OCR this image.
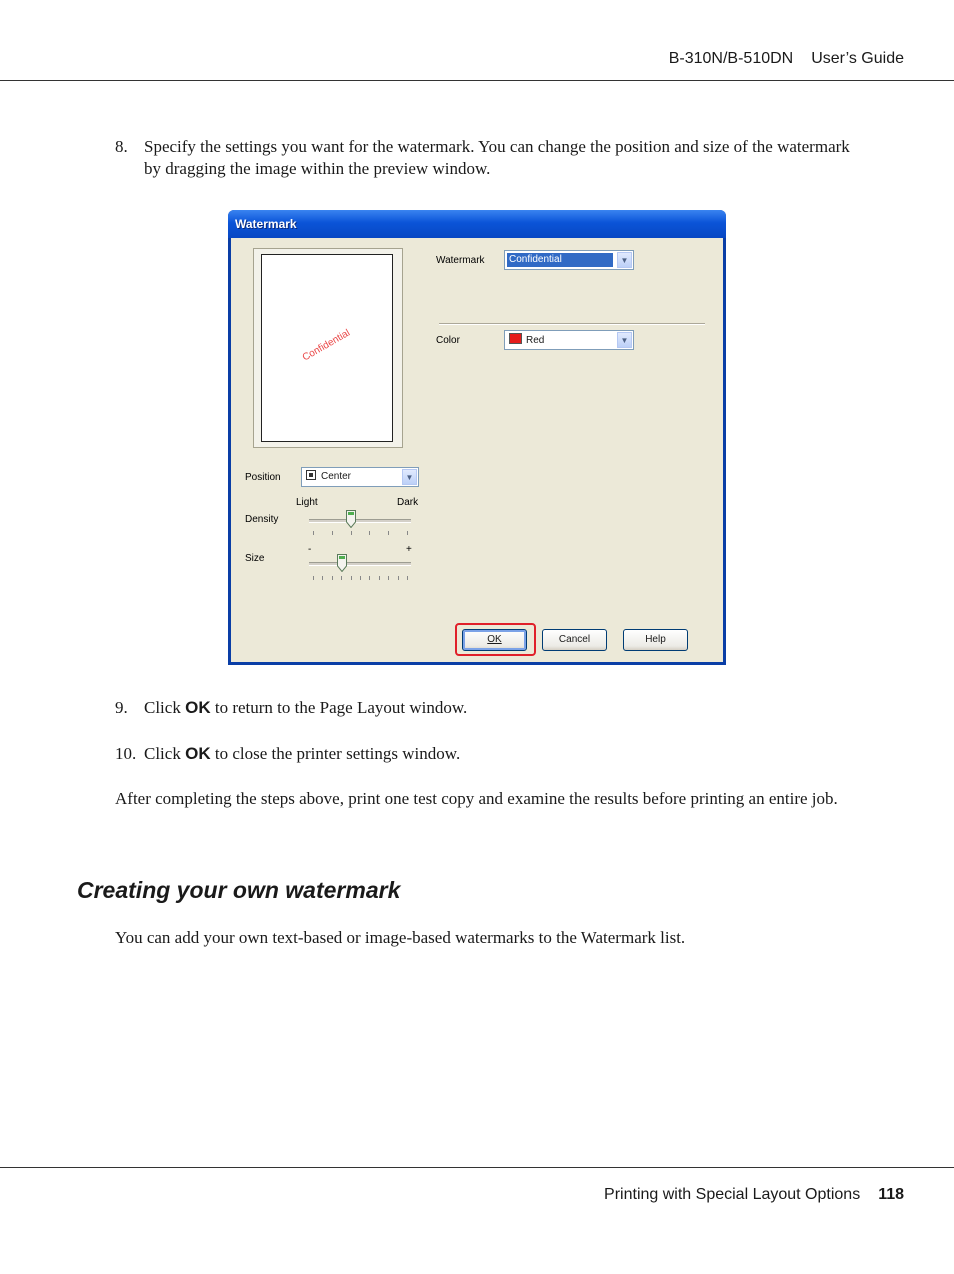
B-310N/B-510DN User’s Guide
8. Specify the settings you want for the watermark. You can change the position and size of the watermark by dragging the image within the preview window.
Watermark
Confidential
Watermark Confidential	▼
Color	Red	▼
Position	Center	▼
Light	Dark
Density
-	+
Size
OK	Cancel	Help
9. Click OK to return to the Page Layout window.
10. Click OK to close the printer settings window.
After completing the steps above, print one test copy and examine the results before printing an entire job.
Creating your own watermark
You can add your own text-based or image-based watermarks to the Watermark list.
Printing with Special Layout Options 118
